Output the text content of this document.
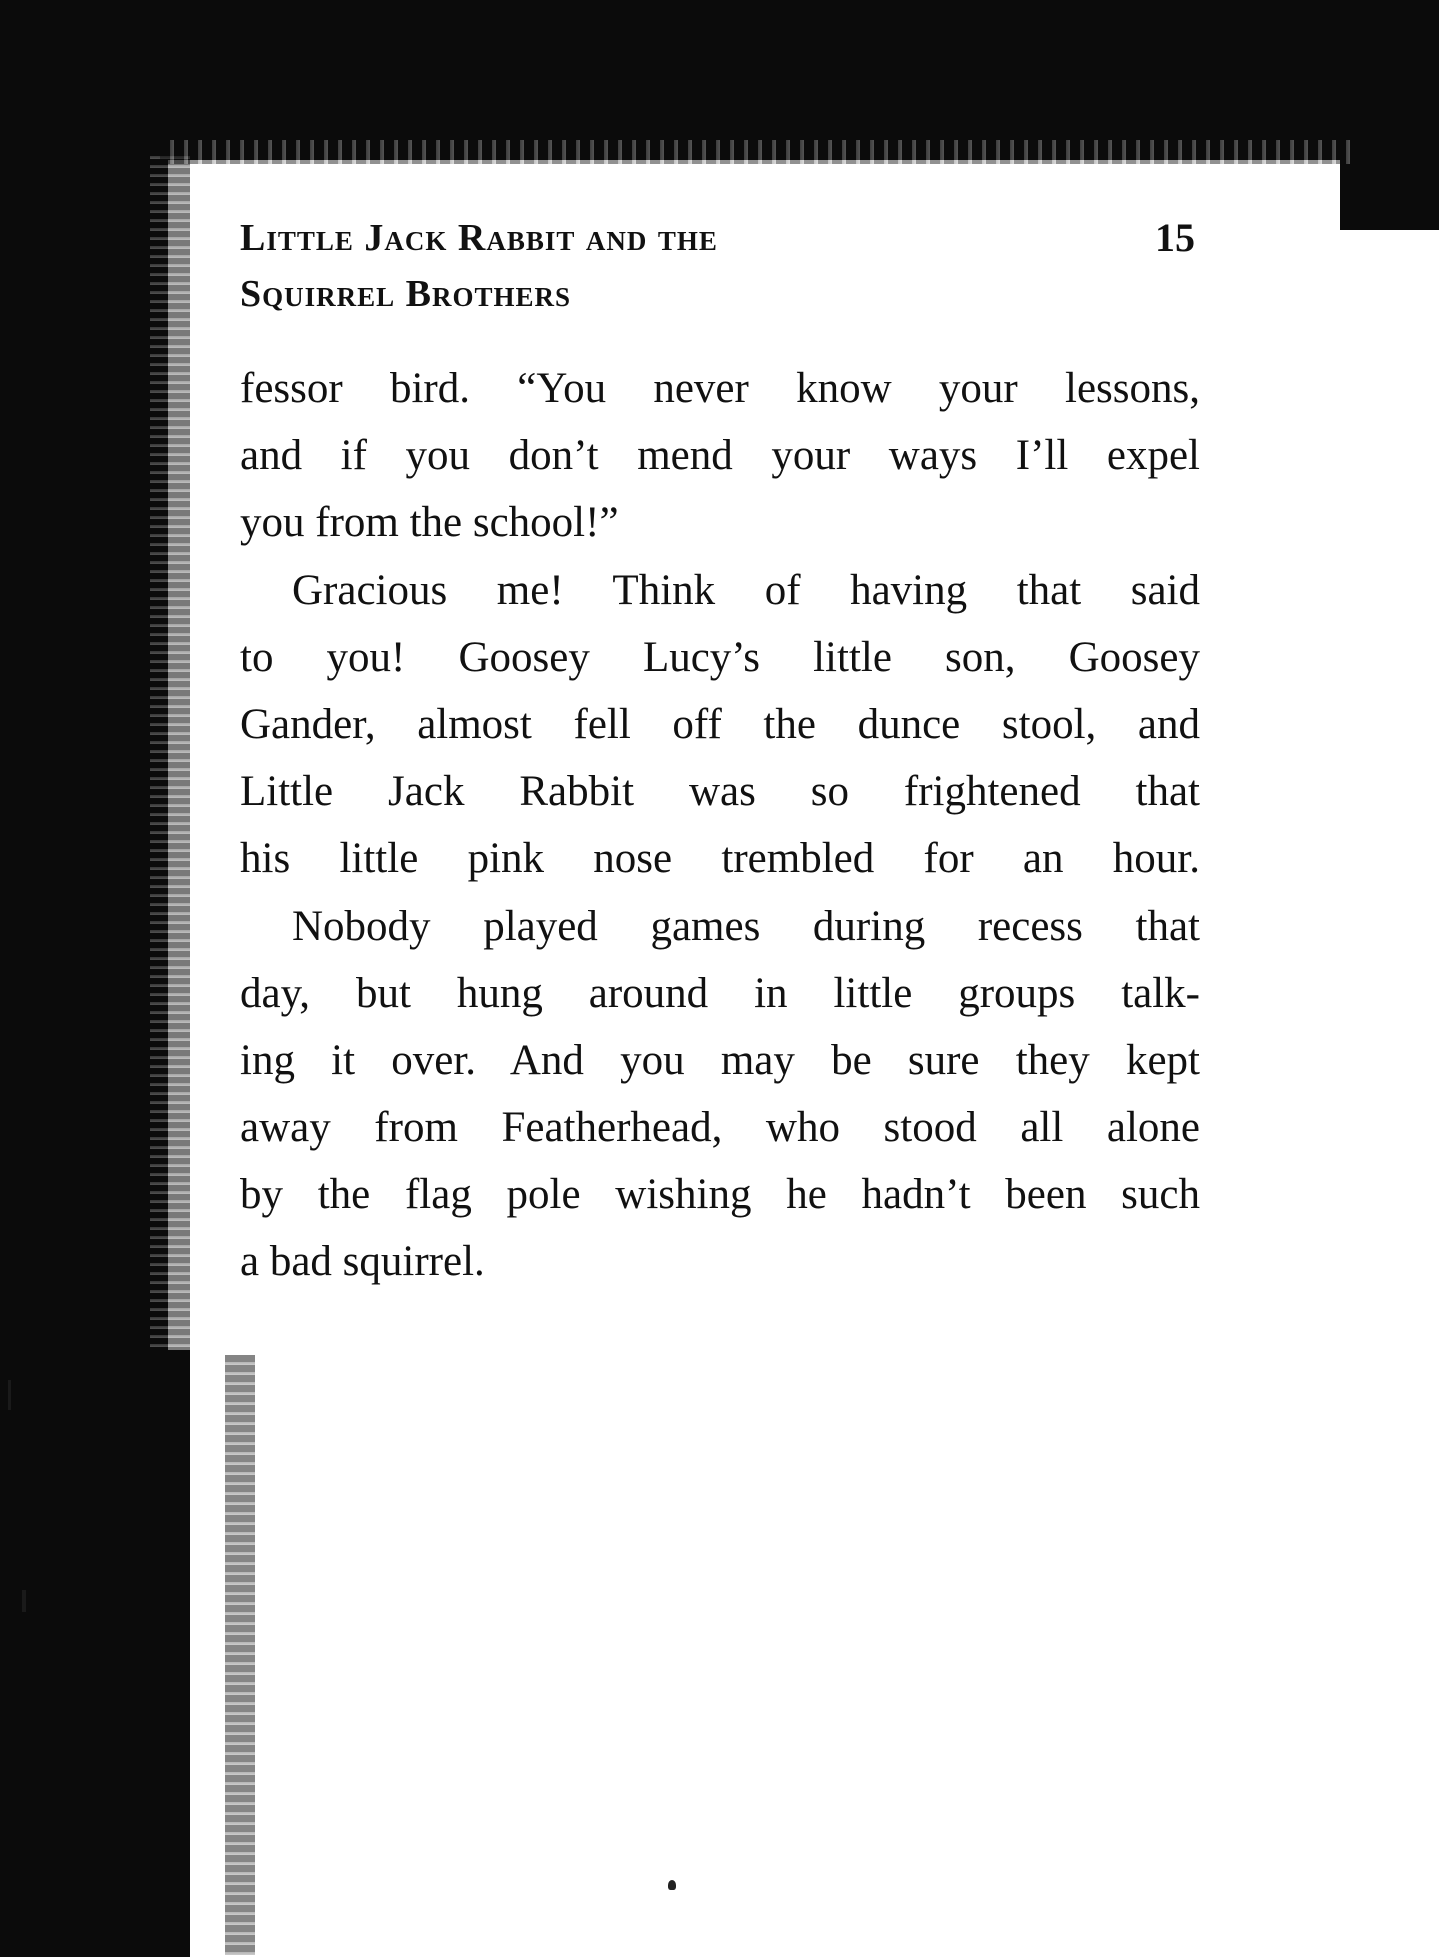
Little Jack Rabbit and the
Squirrel Brothers
15
fessor bird. “You never know your lessons,
and if you don’t mend your ways I’ll expel
you from the school!”
Gracious me! Think of having that said
to you! Goosey Lucy’s little son, Goosey
Gander, almost fell off the dunce stool, and
Little Jack Rabbit was so frightened that
his little pink nose trembled for an hour.
Nobody played games during recess that
day, but hung around in little groups talk-
ing it over. And you may be sure they kept
away from Featherhead, who stood all alone
by the flag pole wishing he hadn’t been such
a bad squirrel.
